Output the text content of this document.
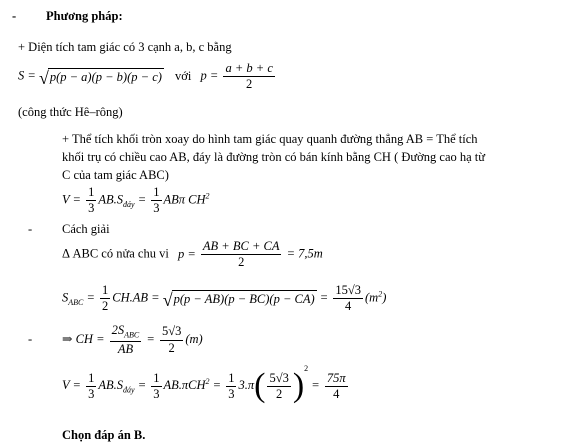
- Phương pháp:
+ Diện tích tam giác có 3 cạnh a, b, c bằng
S = √ p(p − a)(p − b)(p − c) với $p = \frac{a + b + c}{2}$
(công thức Hê–rông)
+ Thể tích khối tròn xoay do hình tam giác quay quanh đường thẳng AB = Thể tích
khối trụ có chiều cao AB, đáy là đường tròn có bán kính bằng CH ( Đường cao hạ từ
C của tam giác ABC)
$V = \frac{1}{3} AB.S_{đáy} = \frac{1}{3}$ ABπ $CH^2$
- Cách giải
Δ ABC có nửa chu vi $p = \frac{AB + BC + CA}{2} = 7,5m$
$S_{ABC} = \frac{1}{2} CH.AB$ = √ $p(p - AB)(p - BC)(p - CA) = \frac{15√3}{4} (m^2)$
- ⇒ CH = $\frac{2S_{ABC}}{AB} = \frac{5√3}{2} (m)$
$V = \frac{1}{3} AB.S_{đáy} = \frac{1}{3} AB.\pi CH^2 = \frac{1}{3} 3.\pi( \frac{5√3}{2} )^2 = \frac{75\pi}{4}$
Chọn đáp án B.
